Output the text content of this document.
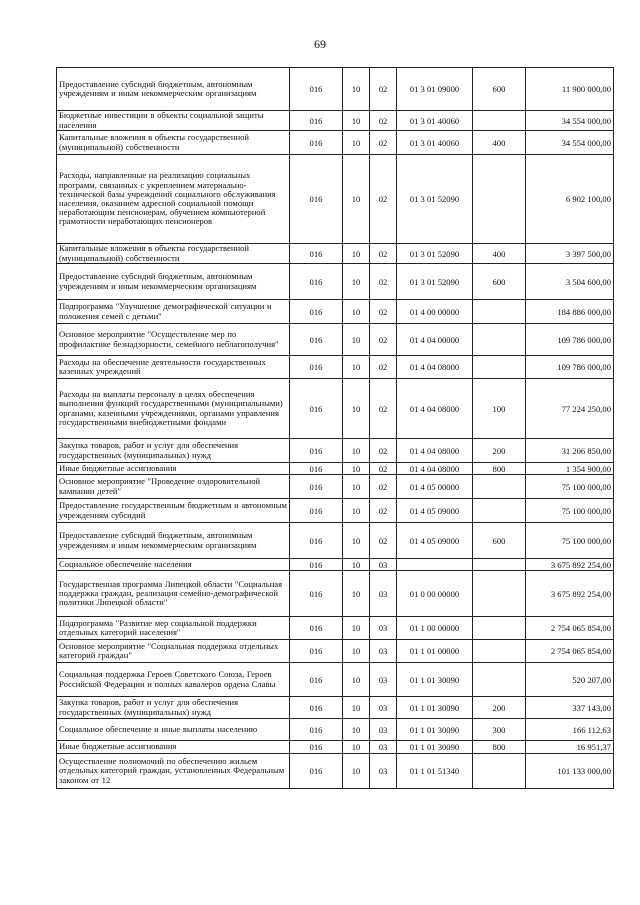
69
Предоставление субсидий бюджетным, автономным учреждениям и иным некоммерческим организациям	016	10	02	01 3 01 09000	600	11 900 000,00
Бюджетные инвестиции в объекты социальной защиты населения	016	10	02	01 3 01 40060		34 554 000,00
Капитальные вложения в объекты государственной (муниципальной) собственности	016	10	02	01 3 01 40060	400	34 554 000,00
Расходы, направленные на реализацию социальных программ, связанных с укреплением материально-технической базы учреждений социального обслуживания населения, оказанием адресной социальной помощи неработающим пенсионерам, обучением компьютерной грамотности неработающих пенсионеров	016	10	02	01 3 01 52090		6 902 100,00
Капитальные вложения в объекты государственной (муниципальной) собственности	016	10	02	01 3 01 52090	400	3 397 500,00
Предоставление субсидий бюджетным, автономным учреждениям и иным некоммерческим организациям	016	10	02	01 3 01 52090	600	3 504 600,00
Подпрограмма "Улучшение демографической ситуации и положения семей с детьми"	016	10	02	01 4 00 00000		184 886 000,00
Основное мероприятие "Осуществление мер по профилактике безнадзорности, семейного неблагополучия"	016	10	02	01 4 04 00000		109 786 000,00
Расходы на обеспечение деятельности государственных казенных учреждений	016	10	02	01 4 04 08000		109 786 000,00
Расходы на выплаты персоналу в целях обеспечения выполнения функций государственными (муниципальными) органами, казенными учреждениями, органами управления государственными внебюджетными фондами	016	10	02	01 4 04 08000	100	77 224 250,00
Закупка товаров, работ и услуг для обеспечения государственных (муниципальных) нужд	016	10	02	01 4 04 08000	200	31 206 850,00
Иные бюджетные ассигнования	016	10	02	01 4 04 08000	800	1 354 900,00
Основное мероприятие "Проведение оздоровительной кампании детей"	016	10	02	01 4 05 00000		75 100 000,00
Предоставление государственным бюджетным и автономным учреждениям субсидий	016	10	02	01 4 05 09000		75 100 000,00
Предоставление субсидий бюджетным, автономным учреждениям и иным некоммерческим организациям	016	10	02	01 4 05 09000	600	75 100 000,00
Социальное обеспечение населения	016	10	03			3 675 892 254,00
Государственная программа Липецкой области "Социальная поддержка граждан, реализация семейно-демографической политики Липецкой области"	016	10	03	01 0 00 00000		3 675 892 254,00
Подпрограмма "Развитие мер социальной поддержки отдельных категорий населения"	016	10	03	01 1 00 00000		2 754 065 854,00
Основное мероприятие "Социальная поддержка отдельных категорий граждан"	016	10	03	01 1 01 00000		2 754 065 854,00
Социальная поддержка Героев Советского Союза, Героев Российской Федерации и полных кавалеров ордена Славы	016	10	03	01 1 01 30090		520 207,00
Закупка товаров, работ и услуг для обеспечения государственных (муниципальных) нужд	016	10	03	01 1 01 30090	200	337 143,00
Социальное обеспечение и иные выплаты населению	016	10	03	01 1 01 30090	300	166 112,63
Иные бюджетные ассигнования	016	10	03	01 1 01 30090	800	16 951,37
Осуществление полномочий по обеспечению жильем отдельных категорий граждан, установленных Федеральным законом от 12	016	10	03	01 1 01 51340		101 133 000,00
